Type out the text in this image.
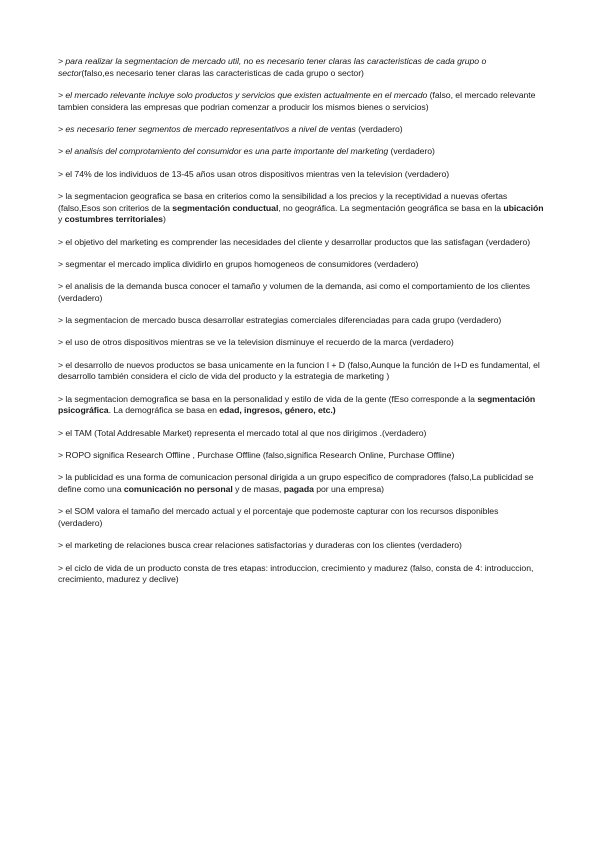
> para realizar la segmentacion de mercado util, no es necesario tener claras las caracteristicas de cada grupo o sector(falso,es necesario tener claras las caracteristicas de cada grupo o sector)

> el mercado relevante incluye solo productos y servicios que existen actualmente en el mercado (falso, el mercado relevante tambien considera las empresas que podrian comenzar a producir los mismos bienes o servicios)

> es necesario tener segmentos de mercado representativos a nivel de ventas (verdadero)

> el analisis del comprotamiento del consumidor es una parte importante del marketing (verdadero)

> el 74% de los individuos de 13-45 años usan otros dispositivos mientras ven la television (verdadero)

> la segmentacion geografica se basa en criterios como la sensibilidad a los precios y la receptividad a nuevas ofertas (falso,Esos son criterios de la segmentación conductual, no geográfica. La segmentación geográfica se basa en la ubicación y costumbres territoriales)

> el objetivo del marketing es comprender las necesidades del cliente y desarrollar productos que las satisfagan (verdadero)

> segmentar el mercado implica dividirlo en grupos homogeneos de consumidores (verdadero)

> el analisis de la demanda busca conocer el tamaño y volumen de la demanda, asi como el comportamiento de los clientes (verdadero)

> la segmentacion de mercado busca desarrollar estrategias comerciales diferenciadas para cada grupo (verdadero)

> el uso de otros dispositivos mientras se ve la television disminuye el recuerdo de la marca (verdadero)

> el desarrollo de nuevos productos se basa unicamente en la funcion I + D (falso,Aunque la función de I+D es fundamental, el desarrollo también considera el ciclo de vida del producto y la estrategia de marketing )

> la segmentacion demografica se basa en la personalidad y estilo de vida de la gente (fEso corresponde a la segmentación psicográfica. La demográfica se basa en edad, ingresos, género, etc.)

> el TAM (Total Addresable Market) representa el mercado total al que nos dirigimos .(verdadero)

> ROPO significa Research Offline , Purchase Offline (falso,significa Research Online, Purchase Offline)

> la publicidad es una forma de comunicacion personal dirigida a un grupo especifico de compradores (falso,La publicidad se define como una comunicación no personal y de masas, pagada por una empresa)

> el SOM valora el tamaño del mercado actual y el porcentaje que podemoste capturar con los recursos disponibles (verdadero)

> el marketing de relaciones busca crear relaciones satisfactorias y duraderas con los clientes (verdadero)

> el ciclo de vida de un producto consta de tres etapas: introduccion, crecimiento y madurez (falso, consta de 4: introduccion, crecimiento, madurez y declive)
